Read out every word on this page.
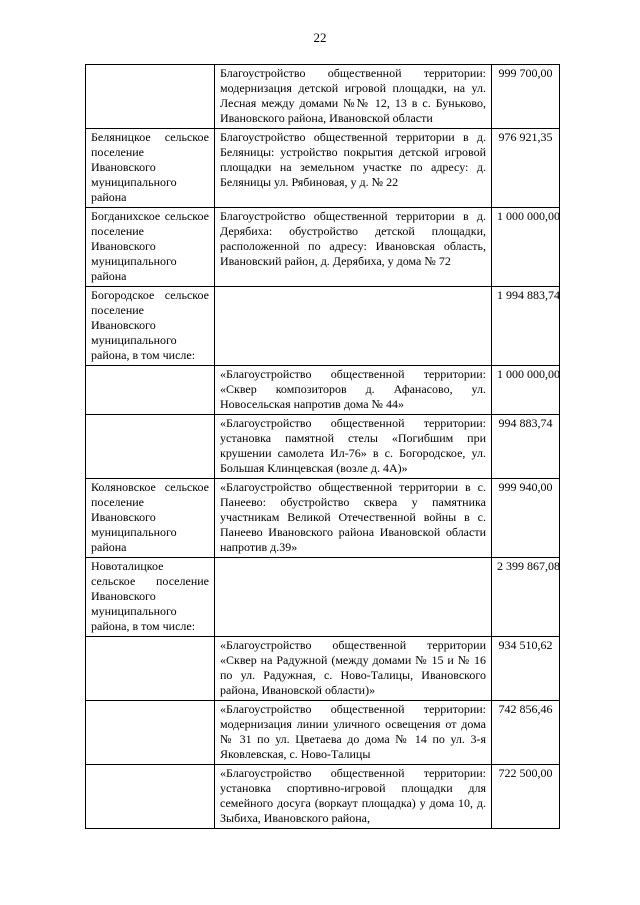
22
	Благоустройство общественной территории: модернизация детской игровой площадки, на ул. Лесная между домами №№ 12, 13 в с. Буньково, Ивановского района, Ивановской области	999 700,00
Беляницкое сельское поселение Ивановского муниципального района	Благоустройство общественной территории в д. Беляницы: устройство покрытия детской игровой площадки на земельном участке по адресу: д. Беляницы ул. Рябиновая, у д. № 22	976 921,35
Богданихское сельское поселение Ивановского муниципального района	Благоустройство общественной территории в д. Дерябиха: обустройство детской площадки, расположенной по адресу: Ивановская область, Ивановский район, д. Дерябиха, у дома № 72	1 000 000,00
Богородское сельское поселение Ивановского муниципального района, в том числе:		1 994 883,74
	«Благоустройство общественной территории: «Сквер композиторов д. Афанасово, ул. Новосельская напротив дома № 44»	1 000 000,00
	«Благоустройство общественной территории: установка памятной стелы «Погибшим при крушении самолета Ил-76» в с. Богородское, ул. Большая Клинцевская (возле д. 4А)»	994 883,74
Коляновское сельское поселение Ивановского муниципального района	«Благоустройство общественной территории в с. Панеево: обустройство сквера у памятника участникам Великой Отечественной войны в с. Панеево Ивановского района Ивановской области напротив д.39»	999 940,00
Новоталицкое сельское поселение Ивановского муниципального района, в том числе:		2 399 867,08
	«Благоустройство общественной территории «Сквер на Радужной (между домами № 15 и № 16 по ул. Радужная, с. Ново-Талицы, Ивановского района, Ивановской области)»	934 510,62
	«Благоустройство общественной территории: модернизация линии уличного освещения от дома № 31 по ул. Цветаева до дома № 14 по ул. 3-я Яковлевская, с. Ново-Талицы	742 856,46
	«Благоустройство общественной территории: установка спортивно-игровой площадки для семейного досуга (воркаут площадка) у дома 10, д. Зыбиха, Ивановского района,	722 500,00
